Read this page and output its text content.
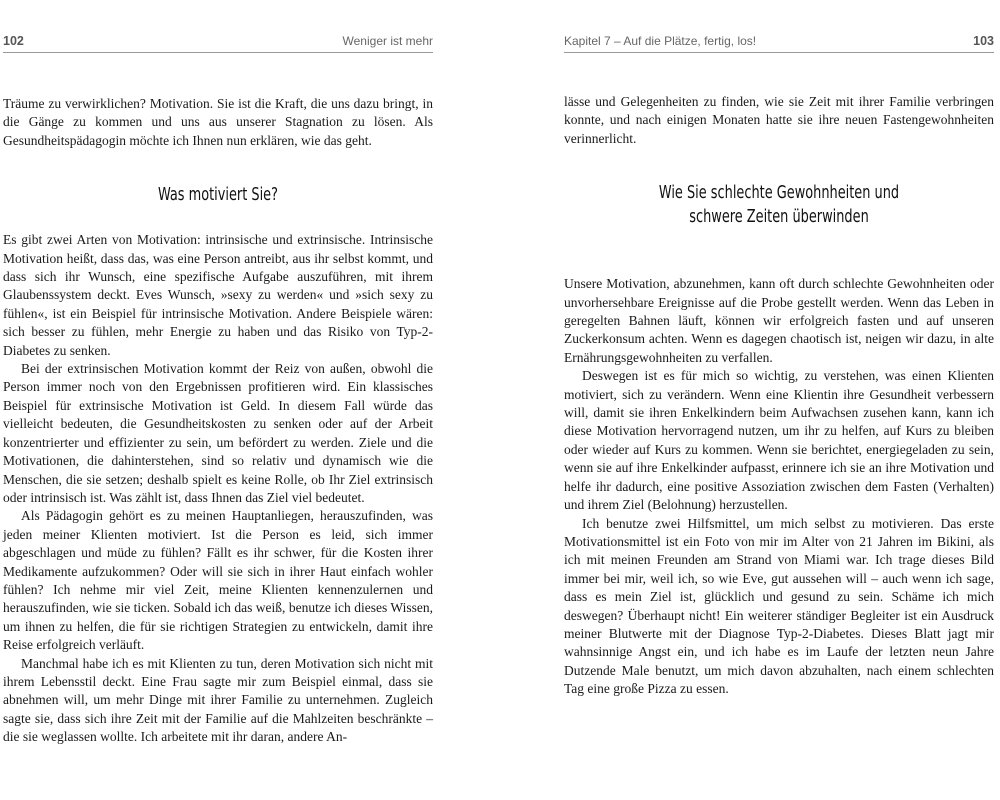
102	Weniger ist mehr

Träume zu verwirklichen? Motivation. Sie ist die Kraft, die uns dazu bringt, in die Gänge zu kommen und uns aus unserer Stagnation zu lösen. Als Gesundheitspädagogin möchte ich Ihnen nun erklären, wie das geht.

Was motiviert Sie?

Es gibt zwei Arten von Motivation: intrinsische und extrinsische. Intrinsische Motivation heißt, dass das, was eine Person antreibt, aus ihr selbst kommt, und dass sich ihr Wunsch, eine spezifische Aufgabe auszuführen, mit ihrem Glaubenssystem deckt. Eves Wunsch, »sexy zu werden« und »sich sexy zu fühlen«, ist ein Beispiel für intrinsische Motivation. Andere Beispiele wären: sich besser zu fühlen, mehr Energie zu haben und das Risiko von Typ-2-Diabetes zu senken.

Bei der extrinsischen Motivation kommt der Reiz von außen, obwohl die Person immer noch von den Ergebnissen profitieren wird. Ein klassisches Beispiel für extrinsische Motivation ist Geld. In diesem Fall würde das vielleicht bedeuten, die Gesundheitskosten zu senken oder auf der Arbeit konzentrierter und effizienter zu sein, um befördert zu werden. Ziele und die Motivationen, die dahinterstehen, sind so relativ und dynamisch wie die Menschen, die sie setzen; deshalb spielt es keine Rolle, ob Ihr Ziel extrinsisch oder intrinsisch ist. Was zählt ist, dass Ihnen das Ziel viel bedeutet.

Als Pädagogin gehört es zu meinen Hauptanliegen, herauszufinden, was jeden meiner Klienten motiviert. Ist die Person es leid, sich immer abgeschlagen und müde zu fühlen? Fällt es ihr schwer, für die Kosten ihrer Medikamente aufzukommen? Oder will sie sich in ihrer Haut einfach wohler fühlen? Ich nehme mir viel Zeit, meine Klienten kennenzulernen und herauszufinden, wie sie ticken. Sobald ich das weiß, benutze ich dieses Wissen, um ihnen zu helfen, die für sie richtigen Strategien zu entwickeln, damit ihre Reise erfolgreich verläuft.

Manchmal habe ich es mit Klienten zu tun, deren Motivation sich nicht mit ihrem Lebensstil deckt. Eine Frau sagte mir zum Beispiel einmal, dass sie abnehmen will, um mehr Dinge mit ihrer Familie zu unternehmen. Zugleich sagte sie, dass sich ihre Zeit mit der Familie auf die Mahlzeiten beschränkte – die sie weglassen wollte. Ich arbeitete mit ihr daran, andere An-

Kapitel 7 – Auf die Plätze, fertig, los!	103

lässe und Gelegenheiten zu finden, wie sie Zeit mit ihrer Familie verbringen konnte, und nach einigen Monaten hatte sie ihre neuen Fastengewohnheiten verinnerlicht.

Wie Sie schlechte Gewohnheiten und
schwere Zeiten überwinden

Unsere Motivation, abzunehmen, kann oft durch schlechte Gewohnheiten oder unvorhersehbare Ereignisse auf die Probe gestellt werden. Wenn das Leben in geregelten Bahnen läuft, können wir erfolgreich fasten und auf unseren Zuckerkonsum achten. Wenn es dagegen chaotisch ist, neigen wir dazu, in alte Ernährungsgewohnheiten zu verfallen.

Deswegen ist es für mich so wichtig, zu verstehen, was einen Klienten motiviert, sich zu verändern. Wenn eine Klientin ihre Gesundheit verbessern will, damit sie ihren Enkelkindern beim Aufwachsen zusehen kann, kann ich diese Motivation hervorragend nutzen, um ihr zu helfen, auf Kurs zu bleiben oder wieder auf Kurs zu kommen. Wenn sie berichtet, energiegeladen zu sein, wenn sie auf ihre Enkelkinder aufpasst, erinnere ich sie an ihre Motivation und helfe ihr dadurch, eine positive Assoziation zwischen dem Fasten (Verhalten) und ihrem Ziel (Belohnung) herzustellen.

Ich benutze zwei Hilfsmittel, um mich selbst zu motivieren. Das erste Motivationsmittel ist ein Foto von mir im Alter von 21 Jahren im Bikini, als ich mit meinen Freunden am Strand von Miami war. Ich trage dieses Bild immer bei mir, weil ich, so wie Eve, gut aussehen will – auch wenn ich sage, dass es mein Ziel ist, glücklich und gesund zu sein. Schäme ich mich deswegen? Überhaupt nicht! Ein weiterer ständiger Begleiter ist ein Ausdruck meiner Blutwerte mit der Diagnose Typ-2-Diabetes. Dieses Blatt jagt mir wahnsinnige Angst ein, und ich habe es im Laufe der letzten neun Jahre Dutzende Male benutzt, um mich davon abzuhalten, nach einem schlechten Tag eine große Pizza zu essen.
